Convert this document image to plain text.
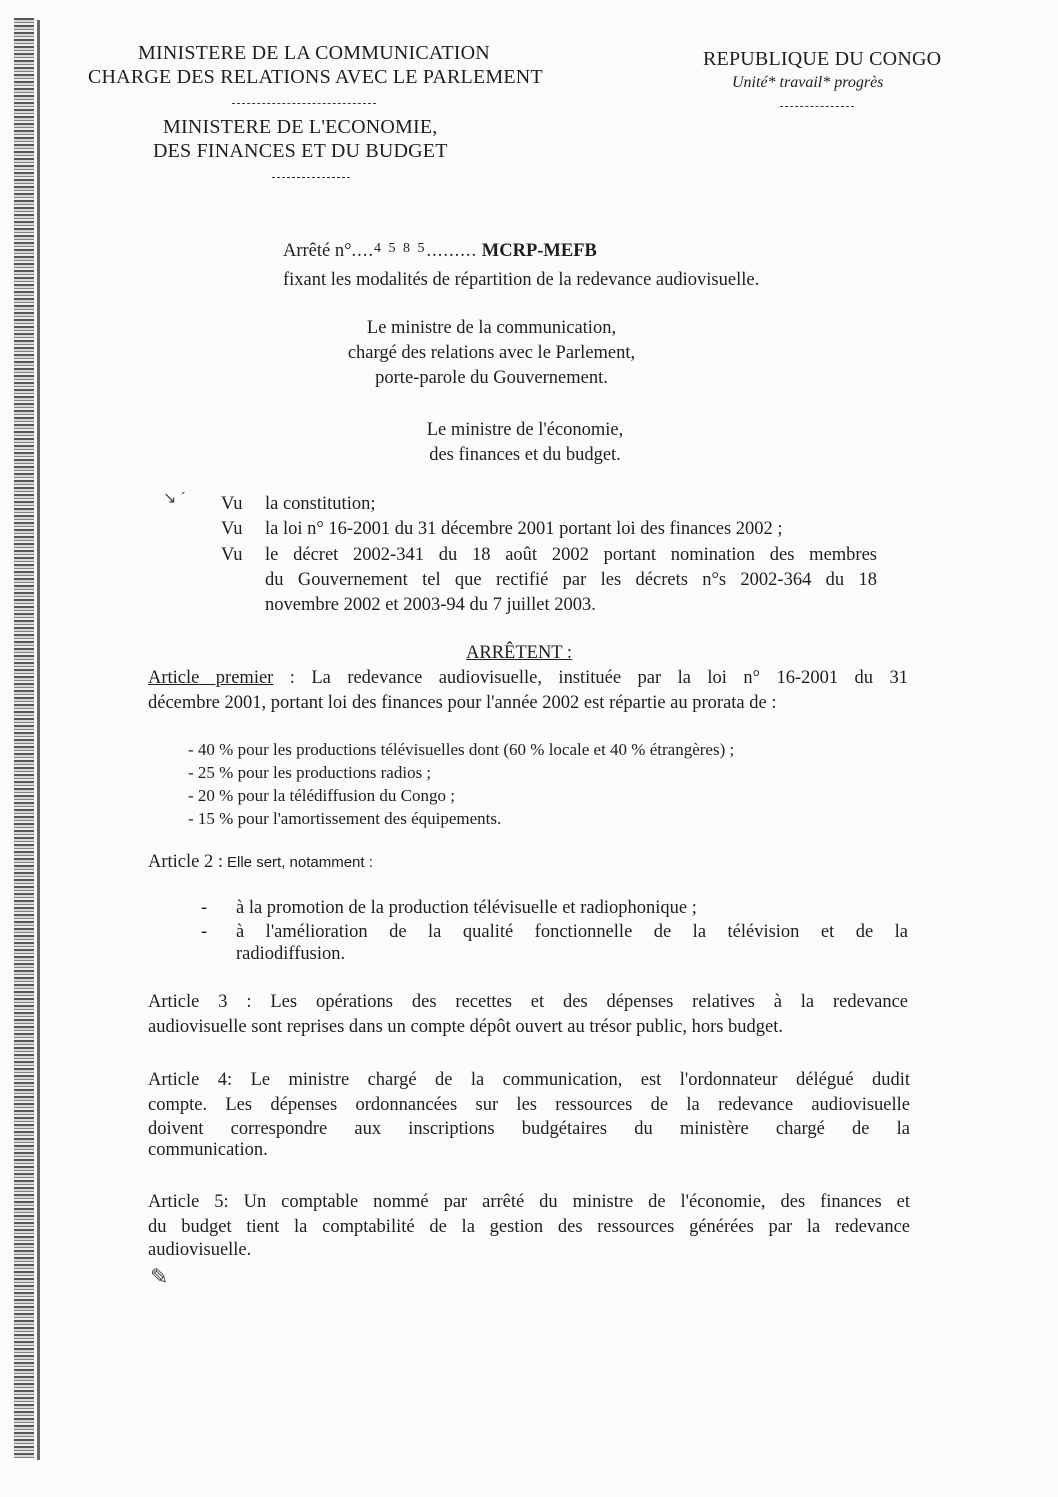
MINISTERE DE LA COMMUNICATION
CHARGE DES RELATIONS AVEC LE PARLEMENT
MINISTERE DE L'ECONOMIE,
DES FINANCES ET DU BUDGET
REPUBLIQUE DU CONGO
Unité* travail* progrès
Arrêté n°....$^{4 5 8 5}$......... MCRP-MEFB
fixant les modalités de répartition de la redevance audiovisuelle.
Le ministre de la communication,
chargé des relations avec le Parlement,
porte-parole du Gouvernement.
Le ministre de l'économie,
des finances et du budget.
↘ ˊ Vu la constitution;
Vu la loi n° 16-2001 du 31 décembre 2001 portant loi des finances 2002 ;
Vu le décret 2002-341 du 18 août 2002 portant nomination des membres
du Gouvernement tel que rectifié par les décrets n°s 2002-364 du 18
novembre 2002 et 2003-94 du 7 juillet 2003.
ARRÊTENT :
Article premier : La redevance audiovisuelle, instituée par la loi n° 16-2001 du 31
décembre 2001, portant loi des finances pour l'année 2002 est répartie au prorata de :
- 40 % pour les productions télévisuelles dont (60 % locale et 40 % étrangères) ;
- 25 % pour les productions radios ;
- 20 % pour la télédiffusion du Congo ;
- 15 % pour l'amortissement des équipements.
Article 2 : Elle sert, notamment :
- à la promotion de la production télévisuelle et radiophonique ;
- à l'amélioration de la qualité fonctionnelle de la télévision et de la
radiodiffusion.
Article 3 : Les opérations des recettes et des dépenses relatives à la redevance
audiovisuelle sont reprises dans un compte dépôt ouvert au trésor public, hors budget.
Article 4: Le ministre chargé de la communication, est l'ordonnateur délégué dudit
compte. Les dépenses ordonnancées sur les ressources de la redevance audiovisuelle
doivent correspondre aux inscriptions budgétaires du ministère chargé de la
communication.
Article 5: Un comptable nommé par arrêté du ministre de l'économie, des finances et
du budget tient la comptabilité de la gestion des ressources générées par la redevance
audiovisuelle.
✎
